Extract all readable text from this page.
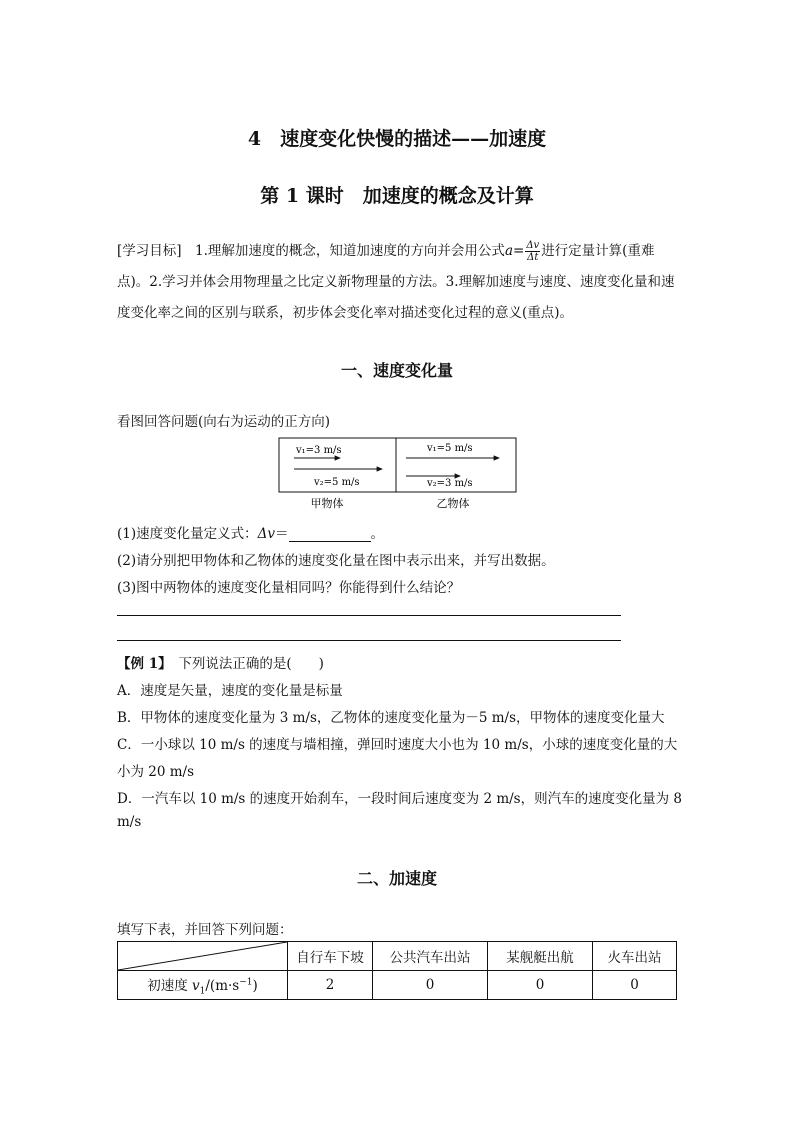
4　速度变化快慢的描述——加速度
第 1 课时　加速度的概念及计算
[学习目标]　1.理解加速度的概念，知道加速度的方向并会用公式$a= \frac{\Delta v}{\Delta t}$ 进行定量计算(重难点)。2.学习并体会用物理量之比定义新物理量的方法。3.理解加速度与速度、速度变化量和速度变化率之间的区别与联系，初步体会变化率对描述变化过程的意义(重点)。
一、速度变化量
看图回答问题(向右为运动的正方向)
v₁=3 m/s
v₂=5 m/s
v₁=5 m/s
v₂=3 m/s
甲物体	乙物体
(1)速度变化量定义式：Δv＝	。
(2)请分别把甲物体和乙物体的速度变化量在图中表示出来，并写出数据。
(3)图中两物体的速度变化量相同吗？你能得到什么结论？
【例 1】　下列说法正确的是(　　)
A．速度是矢量，速度的变化量是标量
B．甲物体的速度变化量为 3 m/s，乙物体的速度变化量为－5 m/s，甲物体的速度变化量大
C．一小球以 10 m/s 的速度与墙相撞，弹回时速度大小也为 10 m/s，小球的速度变化量的大
小为 20 m/s
D．一汽车以 10 m/s 的速度开始刹车，一段时间后速度变为 2 m/s，则汽车的速度变化量为 8
m/s
二、加速度
填写下表，并回答下列问题：
	自行车下坡	公共汽车出站	某舰艇出航	火车出站
初速度 $v_1/(m\cdot s^{-1})$	2	0	0	0
